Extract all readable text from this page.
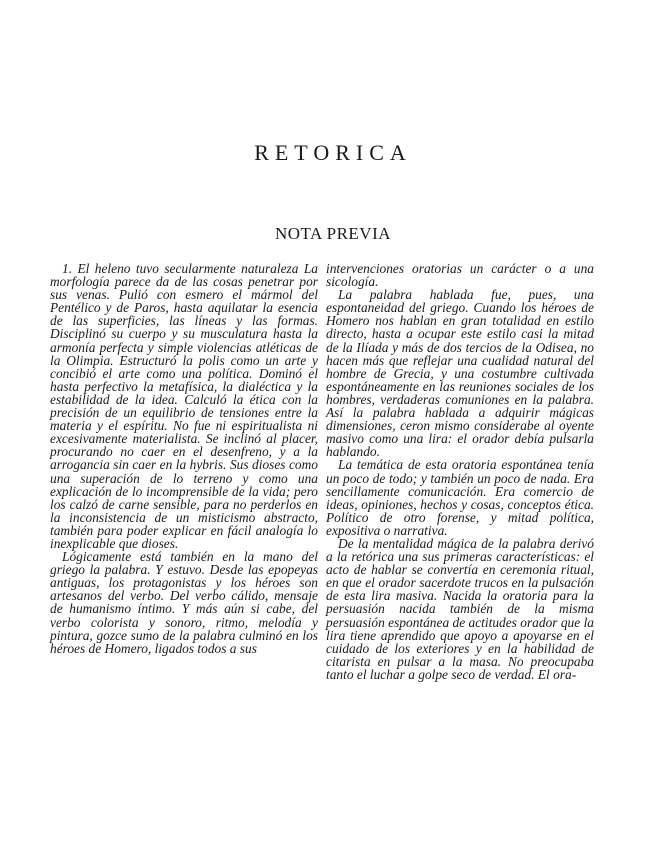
RETORICA
NOTA PREVIA

1. El heleno tuvo secularmente naturaleza La morfología parece da de las cosas penetrar por sus venas. Pulió con esmero el mármol del Pentélico y de Paros, hasta aquilatar la esencia de las superficies, las líneas y las formas. Disciplinó su cuerpo y su musculatura hasta la armonía perfecta y simple violencias atléticas de la Olimpia. Estructuró la polis como un arte y concibió el arte como una política. Dominó el hasta perfectivo la metafísica, la dialéctica y la estabilidad de la idea. Calculó la ética con la precisión de un equilibrio de tensiones entre la materia y el espíritu. No fue ni espiritualista ni excesivamente materialista. Se inclinó al placer, procurando no caer en el desenfreno, y a la arrogancia sin caer en la hybris. Sus dioses como una superación de lo terreno y como una explicación de lo incomprensible de la vida; pero los calzó de carne sensible, para no perderlos en la inconsistencia de un misticismo abstracto, también para poder explicar en fácil analogía lo inexplicable que dioses.

Lógicamente está también en la mano del griego la palabra. Y estuvo. Desde las epopeyas antiguas, los protagonistas y los héroes son artesanos del verbo. Del verbo cálido, mensaje de humanismo íntimo. Y más aún si cabe, del verbo colorista y sonoro, ritmo, melodía y pintura, gozce sumo de la palabra culminó en los héroes de Homero, ligados todos a sus

intervenciones oratorias un carácter o a una sicología.

La palabra hablada fue, pues, una espontaneidad del griego. Cuando los héroes de Homero nos hablan en gran totalidad en estilo directo, hasta a ocupar este estilo casi la mitad de la Ilíada y más de dos tercios de la Odisea, no hacen más que reflejar una cualidad natural del hombre de Grecia, y una costumbre cultivada espontáneamente en las reuniones sociales de los hombres, verdaderas comuniones en la palabra. Así la palabra hablada a adquirir mágicas dimensiones, ceron mismo considerabe al oyente masivo como una lira: el orador debía pulsarla hablando.

La temática de esta oratoria espontánea tenía un poco de todo; y también un poco de nada. Era sencillamente comunicación. Era comercio de ideas, opiniones, hechos y cosas, conceptos ética. Político de otro forense, y mitad política, expositiva o narrativa.

De la mentalidad mágica de la palabra derivó a la retórica una sus primeras características: el acto de hablar se convertía en ceremonia ritual, en que el orador sacerdote trucos en la pulsación de esta lira masiva. Nacida la oratoria para la persuasión nacida también de la misma persuasión espontánea de actitudes orador que la lira tiene aprendido que apoyo a apoyarse en el cuidado de los exteriores y en la habilidad de citarista en pulsar a la masa. No preocupaba tanto el luchar a golpe seco de verdad. El ora-
